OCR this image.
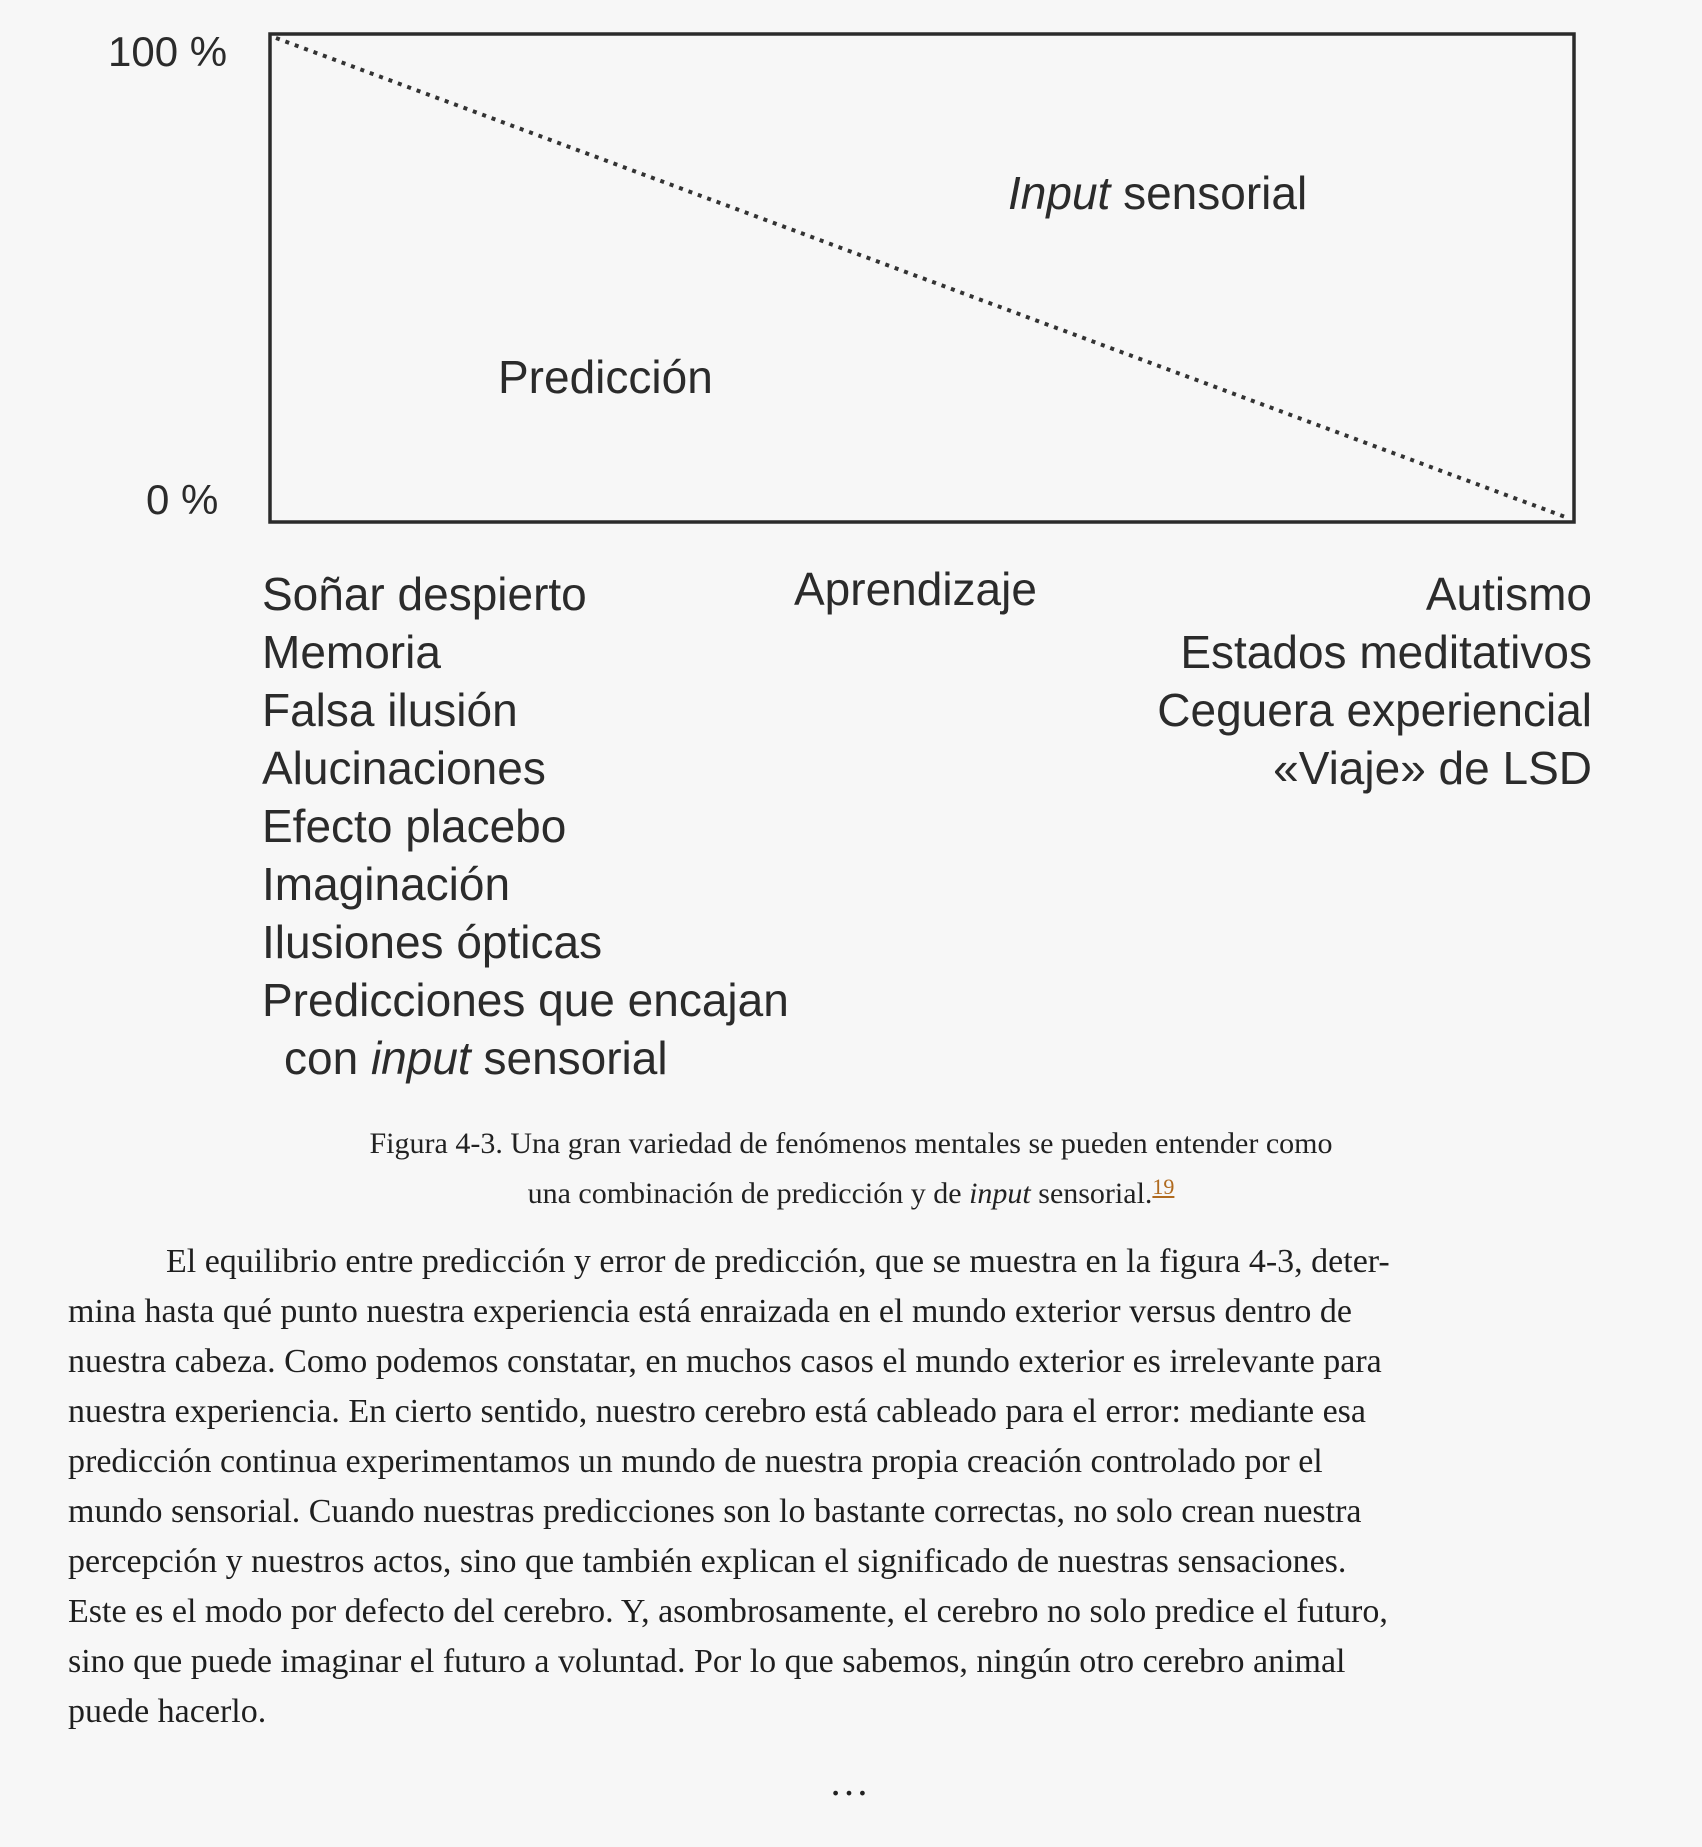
100 %
0 %
Input sensorial
Predicción
Soñar despierto
Memoria
Falsa ilusión
Alucinaciones
Efecto placebo
Imaginación
Ilusiones ópticas
Predicciones que encajan
con input sensorial
Aprendizaje	Autismo
Estados meditativos
Ceguera experiencial
«Viaje» de LSD
Figura 4-3. Una gran variedad de fenómenos mentales se pueden entender como
una combinación de predicción y de input sensorial.$^{19}$
El equilibrio entre predicción y error de predicción, que se muestra en la figura 4-3, deter-
mina hasta qué punto nuestra experiencia está enraizada en el mundo exterior versus dentro de
nuestra cabeza. Como podemos constatar, en muchos casos el mundo exterior es irrelevante para
nuestra experiencia. En cierto sentido, nuestro cerebro está cableado para el error: mediante esa
predicción continua experimentamos un mundo de nuestra propia creación controlado por el
mundo sensorial. Cuando nuestras predicciones son lo bastante correctas, no solo crean nuestra
percepción y nuestros actos, sino que también explican el significado de nuestras sensaciones.
Este es el modo por defecto del cerebro. Y, asombrosamente, el cerebro no solo predice el futuro,
sino que puede imaginar el futuro a voluntad. Por lo que sabemos, ningún otro cerebro animal
puede hacerlo.
…
